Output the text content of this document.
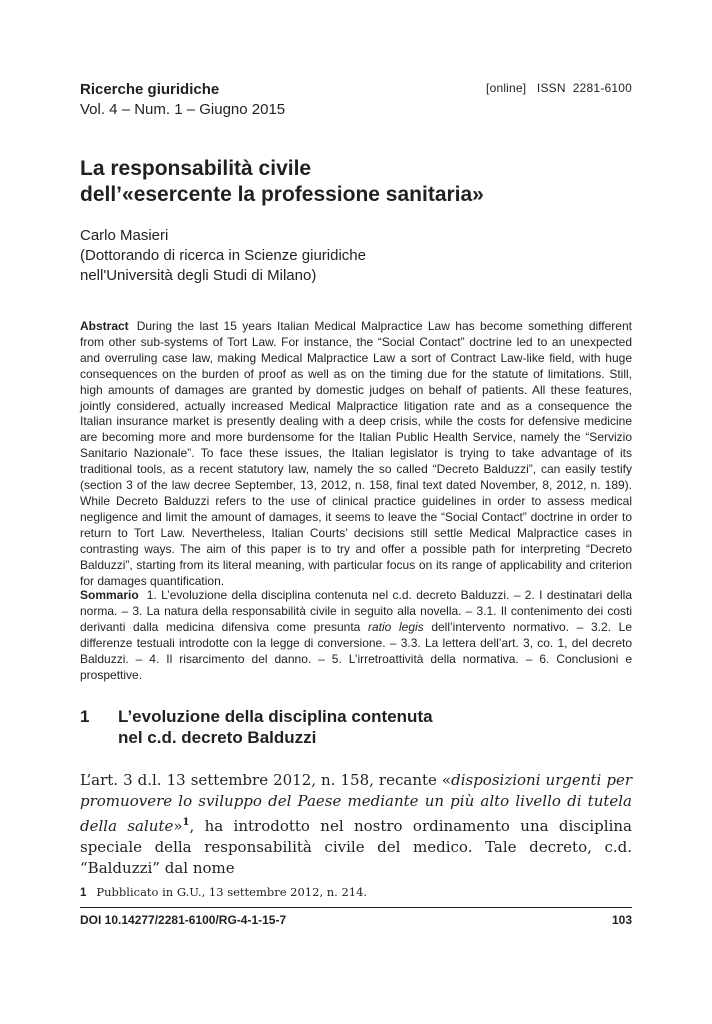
Ricerche giuridiche
Vol. 4 – Num. 1 – Giugno 2015
[online]   ISSN  2281-6100
La responsabilità civile
dell’«esercente la professione sanitaria»
Carlo Masieri
(Dottorando di ricerca in Scienze giuridiche
nell'Università degli Studi di Milano)
Abstract During the last 15 years Italian Medical Malpractice Law has become something different from other sub-systems of Tort Law. For instance, the “Social Contact” doctrine led to an unexpected and overruling case law, making Medical Malpractice Law a sort of Contract Law-like field, with huge consequences on the burden of proof as well as on the timing due for the statute of limitations. Still, high amounts of damages are granted by domestic judges on behalf of patients. All these features, jointly considered, actually increased Medical Malpractice litigation rate and as a consequence the Italian insurance market is presently dealing with a deep crisis, while the costs for defensive medicine are becoming more and more burdensome for the Italian Public Health Service, namely the “Servizio Sanitario Nazionale”. To face these issues, the Italian legislator is trying to take advantage of its traditional tools, as a recent statutory law, namely the so called “Decreto Balduzzi”, can easily testify (section 3 of the law decree September, 13, 2012, n. 158, final text dated November, 8, 2012, n. 189). While Decreto Balduzzi refers to the use of clinical practice guidelines in order to assess medical negligence and limit the amount of damages, it seems to leave the “Social Contact” doctrine in order to return to Tort Law. Nevertheless, Italian Courts’ decisions still settle Medical Malpractice cases in contrasting ways. The aim of this paper is to try and offer a possible path for interpreting “Decreto Balduzzi”, starting from its literal meaning, with particular focus on its range of applicability and criterion for damages quantification.
Sommario 1. L’evoluzione della disciplina contenuta nel c.d. decreto Balduzzi. – 2. I destinatari della norma. – 3. La natura della responsabilità civile in seguito alla novella. – 3.1. Il contenimento dei costi derivanti dalla medicina difensiva come presunta ratio legis dell’intervento normativo. – 3.2. Le differenze testuali introdotte con la legge di conversione. – 3.3. La lettera dell’art. 3, co. 1, del decreto Balduzzi. – 4. Il risarcimento del danno. – 5. L’irretroattività della normativa. – 6. Conclusioni e prospettive.
1 L’evoluzione della disciplina contenuta
nel c.d. decreto Balduzzi
L’art. 3 d.l. 13 settembre 2012, n. 158, recante «disposizioni urgenti per promuovere lo sviluppo del Paese mediante un più alto livello di tutela della salute»$^1$, ha introdotto nel nostro ordinamento una disciplina speciale della responsabilità civile del medico. Tale decreto, c.d. “Balduzzi” dal nome
1 Pubblicato in G.U., 13 settembre 2012, n. 214.
DOI 10.14277/2281-6100/RG-4-1-15-7	103
